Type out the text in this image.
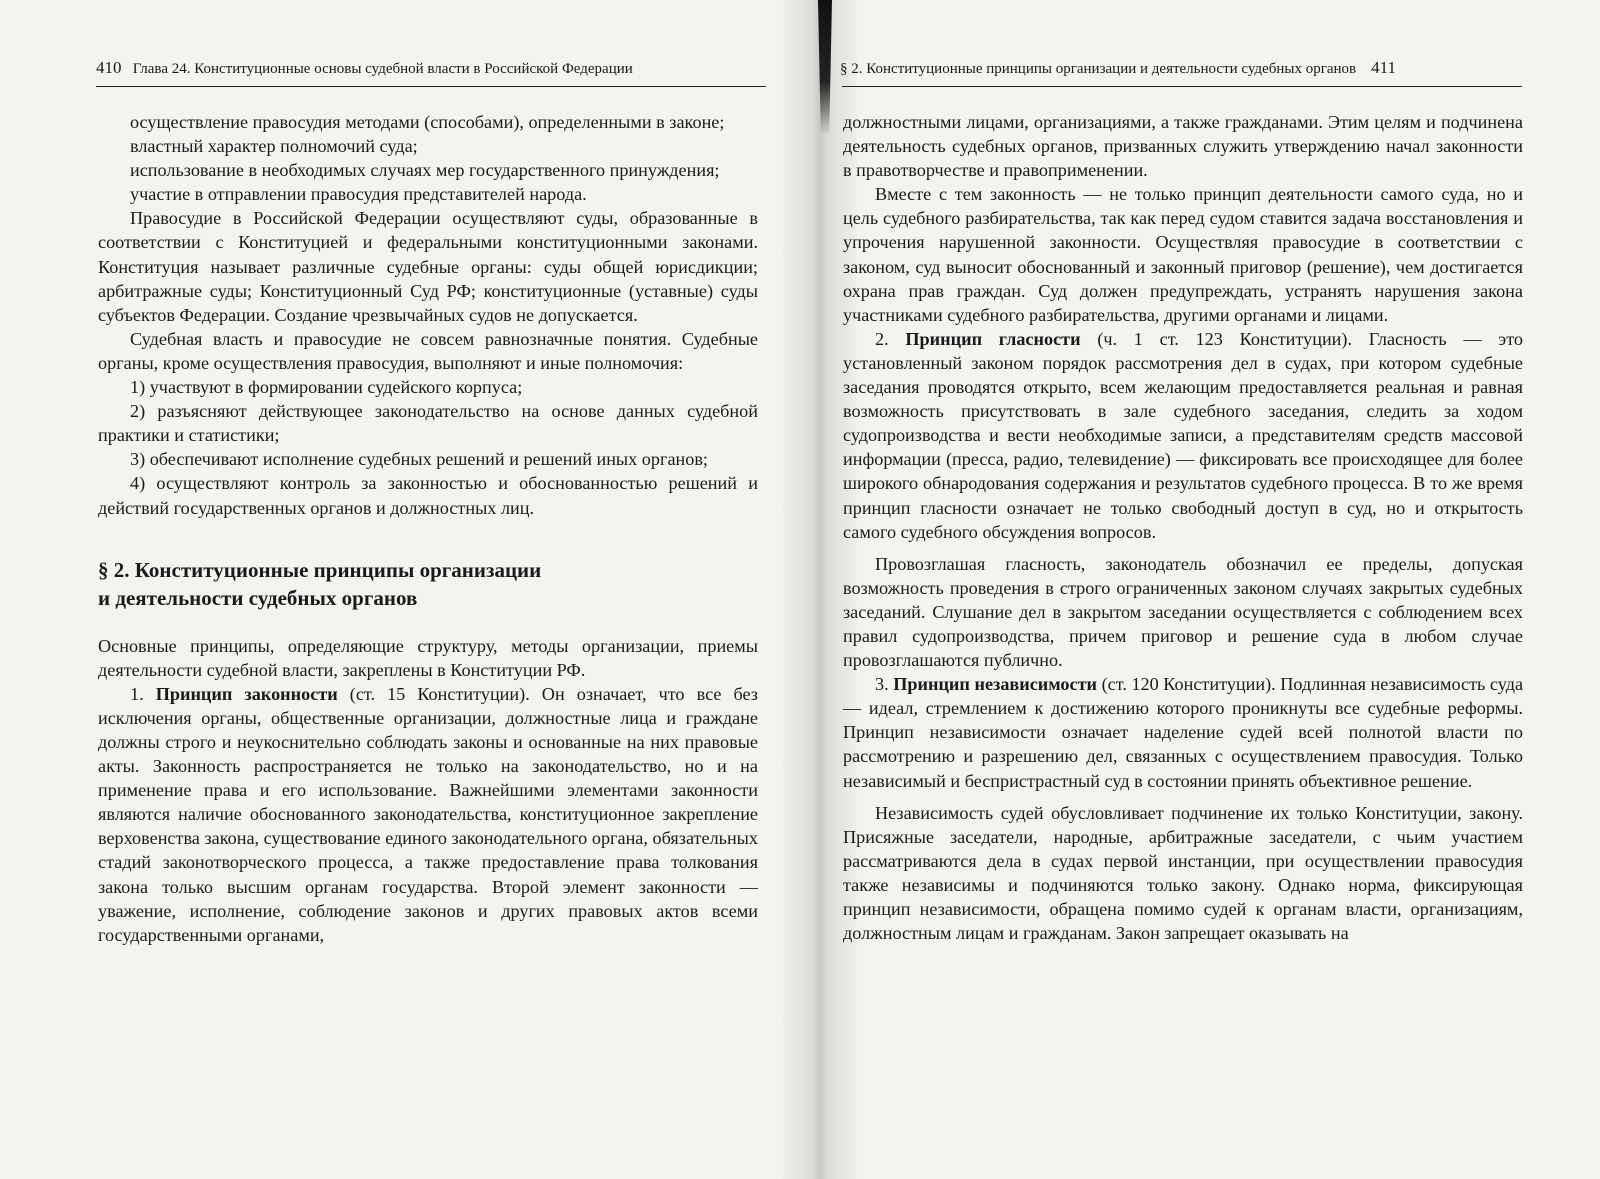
410 Глава 24. Конституционные основы судебной власти в Российской Федерации

осуществление правосудия методами (способами), определенными в законе;

властный характер полномочий суда;

использование в необходимых случаях мер государственного принуждения;

участие в отправлении правосудия представителей народа.

Правосудие в Российской Федерации осуществляют суды, образованные в соответствии с Конституцией и федеральными конституционными законами. Конституция называет различные судебные органы: суды общей юрисдикции; арбитражные суды; Конституционный Суд РФ; конституционные (уставные) суды субъектов Федерации. Создание чрезвычайных судов не допускается.

Судебная власть и правосудие не совсем равнозначные понятия. Судебные органы, кроме осуществления правосудия, выполняют и иные полномочия:

1) участвуют в формировании судейского корпуса;

2) разъясняют действующее законодательство на основе данных судебной практики и статистики;

3) обеспечивают исполнение судебных решений и решений иных органов;

4) осуществляют контроль за законностью и обоснованностью решений и действий государственных органов и должностных лиц.

§ 2. Конституционные принципы организации
и деятельности судебных органов

Основные принципы, определяющие структуру, методы организации, приемы деятельности судебной власти, закреплены в Конституции РФ.

1. Принцип законности (ст. 15 Конституции). Он означает, что все без исключения органы, общественные организации, должностные лица и граждане должны строго и неукоснительно соблюдать законы и основанные на них правовые акты. Законность распространяется не только на законодательство, но и на применение права и его использование. Важнейшими элементами законности являются наличие обоснованного законодательства, конституционное закрепление верховенства закона, существование единого законодательного органа, обязательных стадий законотворческого процесса, а также предоставление права толкования закона только высшим органам государства. Второй элемент законности — уважение, исполнение, соблюдение законов и других правовых актов всеми государственными органами,

§ 2. Конституционные принципы организации и деятельности судебных органов 411

должностными лицами, организациями, а также гражданами. Этим целям и подчинена деятельность судебных органов, призванных служить утверждению начал законности в правотворчестве и правоприменении.

Вместе с тем законность — не только принцип деятельности самого суда, но и цель судебного разбирательства, так как перед судом ставится задача восстановления и упрочения нарушенной законности. Осуществляя правосудие в соответствии с законом, суд выносит обоснованный и законный приговор (решение), чем достигается охрана прав граждан. Суд должен предупреждать, устранять нарушения закона участниками судебного разбирательства, другими органами и лицами.

2. Принцип гласности (ч. 1 ст. 123 Конституции). Гласность — это установленный законом порядок рассмотрения дел в судах, при котором судебные заседания проводятся открыто, всем желающим предоставляется реальная и равная возможность присутствовать в зале судебного заседания, следить за ходом судопроизводства и вести необходимые записи, а представителям средств массовой информации (пресса, радио, телевидение) — фиксировать все происходящее для более широкого обнародования содержания и результатов судебного процесса. В то же время принцип гласности означает не только свободный доступ в суд, но и открытость самого судебного обсуждения вопросов.

Провозглашая гласность, законодатель обозначил ее пределы, допуская возможность проведения в строго ограниченных законом случаях закрытых судебных заседаний. Слушание дел в закрытом заседании осуществляется с соблюдением всех правил судопроизводства, причем приговор и решение суда в любом случае провозглашаются публично.

3. Принцип независимости (ст. 120 Конституции). Подлинная независимость суда — идеал, стремлением к достижению которого проникнуты все судебные реформы. Принцип независимости означает наделение судей всей полнотой власти по рассмотрению и разрешению дел, связанных с осуществлением правосудия. Только независимый и беспристрастный суд в состоянии принять объективное решение.

Независимость судей обусловливает подчинение их только Конституции, закону. Присяжные заседатели, народные, арбитражные заседатели, с чьим участием рассматриваются дела в судах первой инстанции, при осуществлении правосудия также независимы и подчиняются только закону. Однако норма, фиксирующая принцип независимости, обращена помимо судей к органам власти, организациям, должностным лицам и гражданам. Закон запрещает оказывать на
